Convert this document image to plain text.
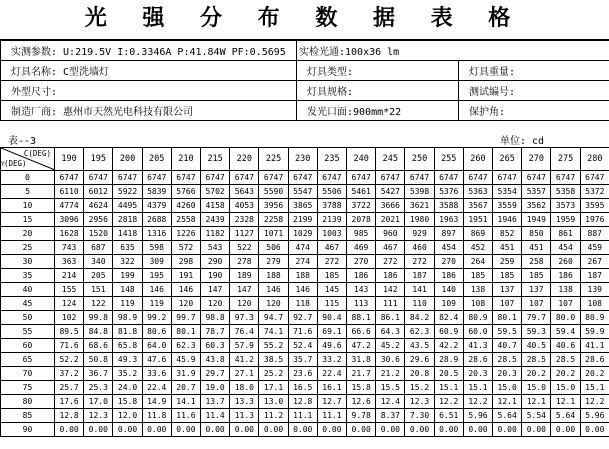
光 强 分 布 数 据 表 格
实测参数: U:219.5V I:0.3346A P:41.84W PF:0.5695	实检光通:100x36 lm	
灯具名称: C型洗墙灯	灯具类型:	灯具重量:
外型尺寸:	灯具规格:	测试编号:
制造厂商: 惠州市天然光电科技有限公司	发光口面:900mm*22	保护角:
表--3	单位: cd
C(DEG)
(DEG)
Y	190	195	200	205	210	215	220	225	230	235	240	245	250	255	260	265	270	275	280
0	6747	6747	6747	6747	6747	6747	6747	6747	6747	6747	6747	6747	6747	6747	6747	6747	6747	6747	6747
5	6110	6012	5922	5839	5766	5702	5643	5590	5547	5506	5461	5427	5398	5376	5363	5354	5357	5358	5372
10	4774	4624	4495	4379	4260	4158	4053	3956	3865	3788	3722	3666	3621	3588	3567	3559	3562	3573	3595
15	3096	2956	2818	2688	2558	2439	2328	2258	2199	2139	2078	2021	1980	1963	1951	1946	1949	1959	1976
20	1628	1520	1418	1316	1226	1182	1127	1071	1029	1003	985	960	929	897	869	852	850	861	887
25	743	687	635	598	572	543	522	506	474	467	469	467	460	454	452	451	451	454	459
30	363	340	322	309	298	290	278	279	274	272	270	272	272	270	264	259	258	260	267
35	214	205	199	195	191	190	189	188	188	185	186	186	187	186	185	185	185	186	187
40	155	151	148	146	146	147	147	146	146	145	143	142	141	140	138	137	137	138	139
45	124	122	119	119	120	120	120	120	118	115	113	111	110	109	108	107	107	107	108
50	102	99.8	98.9	99.2	99.7	98.8	97.3	94.7	92.7	90.4	88.1	86.1	84.2	82.4	80.9	80.1	79.7	80.0	80.9
55	89.5	84.8	81.8	80.6	80.1	78.7	76.4	74.1	71.6	69.1	66.6	64.3	62.3	60.9	60.0	59.5	59.3	59.4	59.9
60	71.6	68.6	65.8	64.0	62.3	60.3	57.9	55.2	52.4	49.6	47.2	45.2	43.5	42.2	41.3	40.7	40.5	40.6	41.1
65	52.2	50.8	49.3	47.6	45.9	43.8	41.2	38.5	35.7	33.2	31.8	30.6	29.6	28.9	28.6	28.5	28.5	28.5	28.6
70	37.2	36.7	35.2	33.6	31.9	29.7	27.1	25.2	23.6	22.4	21.7	21.2	20.8	20.5	20.3	20.3	20.2	20.2	20.2
75	25.7	25.3	24.0	22.4	20.7	19.0	18.0	17.1	16.5	16.1	15.8	15.5	15.2	15.1	15.1	15.0	15.0	15.0	15.1
80	17.6	17.0	15.8	14.9	14.1	13.7	13.3	13.0	12.8	12.7	12.6	12.4	12.3	12.2	12.2	12.1	12.1	12.1	12.2
85	12.8	12.3	12.0	11.8	11.6	11.4	11.3	11.2	11.1	11.1	9.78	8.37	7.30	6.51	5.96	5.64	5.54	5.64	5.96
90	0.00	0.00	0.00	0.00	0.00	0.00	0.00	0.00	0.00	0.00	0.00	0.00	0.00	0.00	0.00	0.00	0.00	0.00	0.00
